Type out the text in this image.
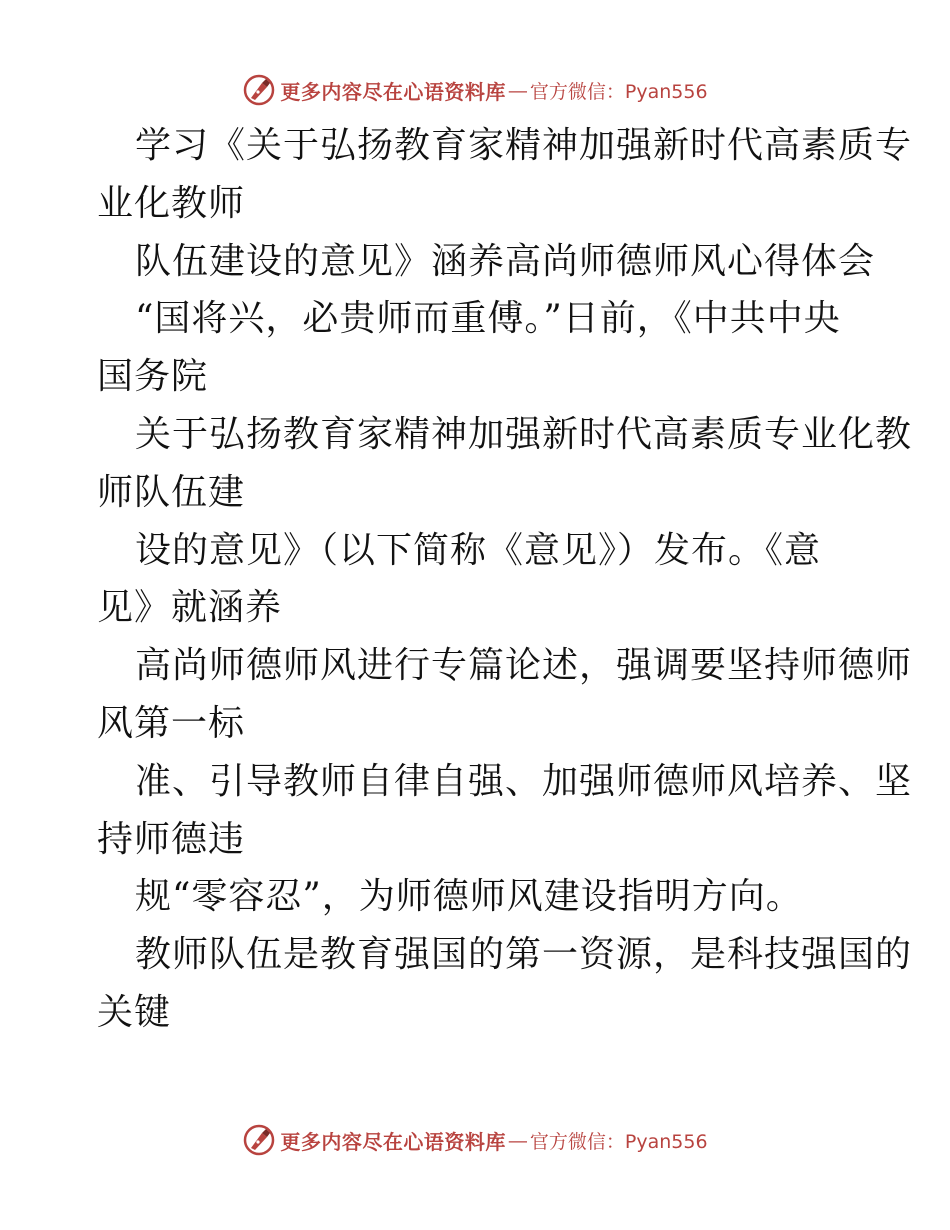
更多内容尽在心语资料库 — 官方微信：Pyan556
学习《关于弘扬教育家精神加强新时代高素质专
业化教师
队伍建设的意见》涵养高尚师德师风心得体会
“国将兴，必贵师而重傅。”日前，《中共中央
国务院
关于弘扬教育家精神加强新时代高素质专业化教
师队伍建
设的意见》（以下简称《意见》）发布。《意
见》就涵养
高尚师德师风进行专篇论述，强调要坚持师德师
风第一标
准、引导教师自律自强、加强师德师风培养、坚
持师德违
规“零容忍”，为师德师风建设指明方向。
教师队伍是教育强国的第一资源，是科技强国的
关键
更多内容尽在心语资料库 — 官方微信：Pyan556
